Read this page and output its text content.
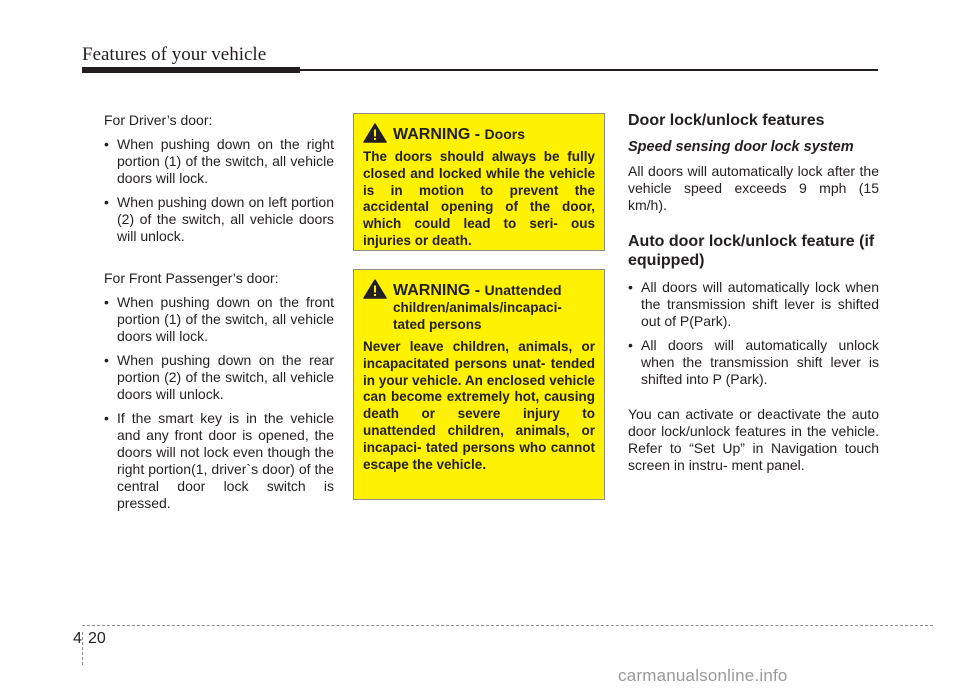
Features of your vehicle

For Driver’s door:

• When pushing down on the right portion (1) of the switch, all vehicle doors will lock.
• When pushing down on left portion (2) of the switch, all vehicle doors will unlock.

For Front Passenger’s door:

• When pushing down on the front portion (1) of the switch, all vehicle doors will lock.
• When pushing down on the rear portion (2) of the switch, all vehicle doors will unlock.
• If the smart key is in the vehicle and any front door is opened, the doors will not lock even though the right portion(1, driver`s door) of the central door lock switch is pressed.
WARNING - Doors
The doors should always be fully closed and locked while the vehicle is in motion to prevent the accidental opening of the door, which could lead to seri- ous injuries or death.
WARNING - Unattended
children/animals/incapaci- tated persons
Never leave children, animals, or incapacitated persons unat- tended in your vehicle. An enclosed vehicle can become extremely hot, causing death or severe injury to unattended children, animals, or incapaci- tated persons who cannot escape the vehicle.
Door lock/unlock features
Speed sensing door lock system

All doors will automatically lock after the vehicle speed exceeds 9 mph (15 km/h).

Auto door lock/unlock feature (if equipped)
• All doors will automatically lock when the transmission shift lever is shifted out of P(Park).
• All doors will automatically unlock when the transmission shift lever is shifted into P (Park).

You can activate or deactivate the auto door lock/unlock features in the vehicle. Refer to “Set Up” in Navigation touch screen in instru- ment panel.

4 20
carmanualsonline.info
